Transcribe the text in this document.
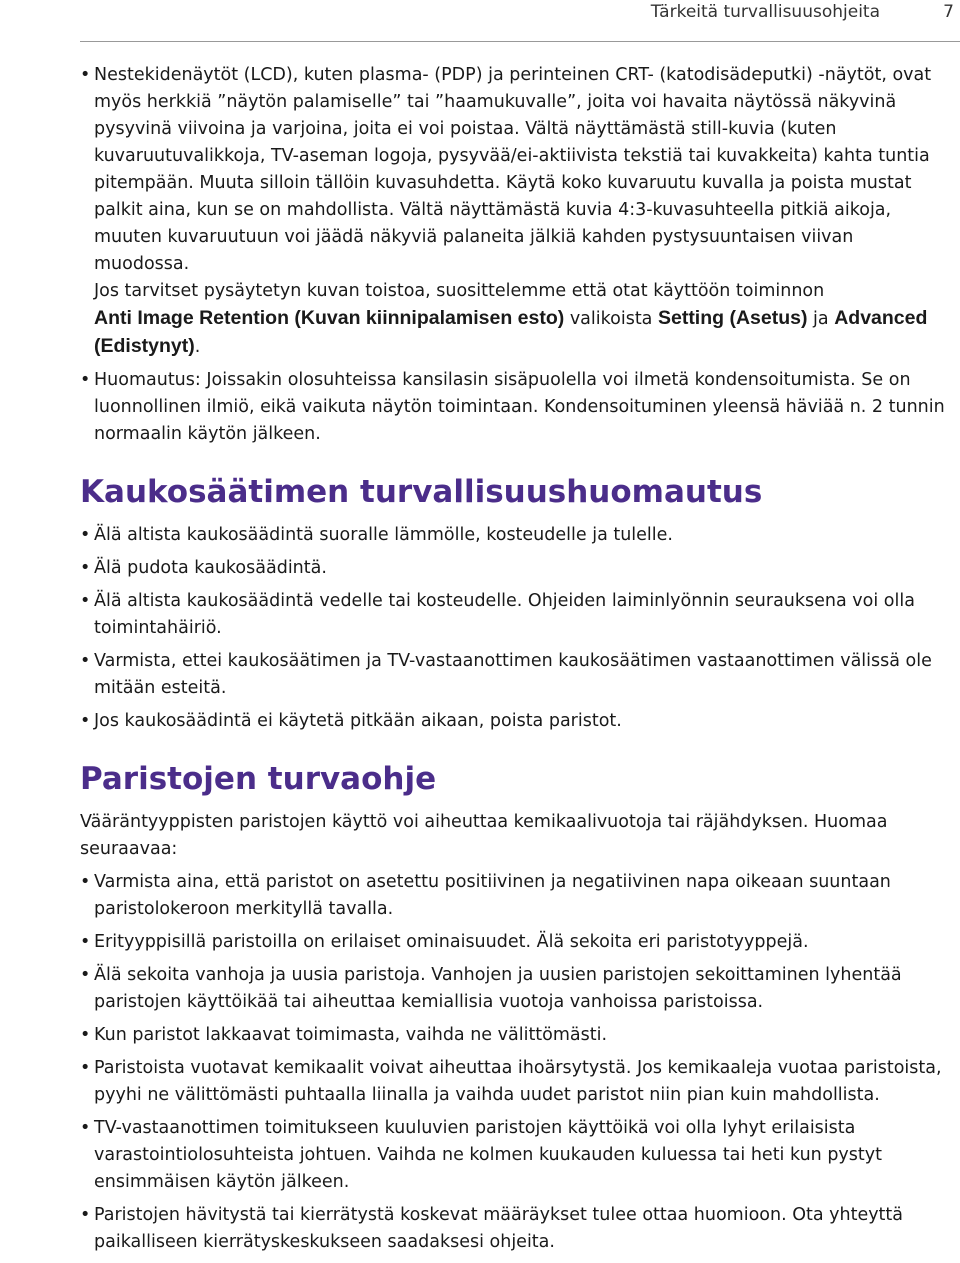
Tärkeitä turvallisuusohjeita	7
• Nestekidenäytöt (LCD), kuten plasma- (PDP) ja perinteinen CRT- (katodisädeputki) -näytöt, ovat myös herkkiä ”näytön palamiselle” tai ”haamukuvalle”, joita voi havaita näytössä näkyvinä pysyvinä viivoina ja varjoina, joita ei voi poistaa. Vältä näyttämästä still-kuvia (kuten kuvaruutuvalikkoja, TV-aseman logoja, pysyvää/ei-aktiivista tekstiä tai kuvakkeita) kahta tuntia pitempään. Muuta silloin tällöin kuvasuhdetta. Käytä koko kuvaruutu kuvalla ja poista mustat palkit aina, kun se on mahdollista. Vältä näyttämästä kuvia 4:3-kuvasuhteella pitkiä aikoja, muuten kuvaruutuun voi jäädä näkyviä palaneita jälkiä kahden pystysuuntaisen viivan muodossa.
Jos tarvitset pysäytetyn kuvan toistoa, suosittelemme että otat käyttöön toiminnon
Anti Image Retention (Kuvan kiinnipalamisen esto) valikoista Setting (Asetus) ja Advanced (Edistynyt).
• Huomautus: Joissakin olosuhteissa kansilasin sisäpuolella voi ilmetä kondensoitumista. Se on luonnollinen ilmiö, eikä vaikuta näytön toimintaan. Kondensoituminen yleensä häviää n. 2 tunnin normaalin käytön jälkeen.
Kaukosäätimen turvallisuushuomautus
• Älä altista kaukosäädintä suoralle lämmölle, kosteudelle ja tulelle.
• Älä pudota kaukosäädintä.
• Älä altista kaukosäädintä vedelle tai kosteudelle. Ohjeiden laiminlyönnin seurauksena voi olla toimintahäiriö.
• Varmista, ettei kaukosäätimen ja TV-vastaanottimen kaukosäätimen vastaanottimen välissä ole mitään esteitä.
• Jos kaukosäädintä ei käytetä pitkään aikaan, poista paristot.
Paristojen turvaohje
Vääräntyyppisten paristojen käyttö voi aiheuttaa kemikaalivuotoja tai räjähdyksen. Huomaa seuraavaa:
• Varmista aina, että paristot on asetettu positiivinen ja negatiivinen napa oikeaan suuntaan paristolokeroon merkityllä tavalla.
• Erityyppisillä paristoilla on erilaiset ominaisuudet. Älä sekoita eri paristotyyppejä.
• Älä sekoita vanhoja ja uusia paristoja. Vanhojen ja uusien paristojen sekoittaminen lyhentää paristojen käyttöikää tai aiheuttaa kemiallisia vuotoja vanhoissa paristoissa.
• Kun paristot lakkaavat toimimasta, vaihda ne välittömästi.
• Paristoista vuotavat kemikaalit voivat aiheuttaa ihoärsytystä. Jos kemikaaleja vuotaa paristoista, pyyhi ne välittömästi puhtaalla liinalla ja vaihda uudet paristot niin pian kuin mahdollista.
• TV-vastaanottimen toimitukseen kuuluvien paristojen käyttöikä voi olla lyhyt erilaisista varastointiolosuhteista johtuen. Vaihda ne kolmen kuukauden kuluessa tai heti kun pystyt ensimmäisen käytön jälkeen.
• Paristojen hävitystä tai kierrätystä koskevat määräykset tulee ottaa huomioon. Ota yhteyttä paikalliseen kierrätyskeskukseen saadaksesi ohjeita.
